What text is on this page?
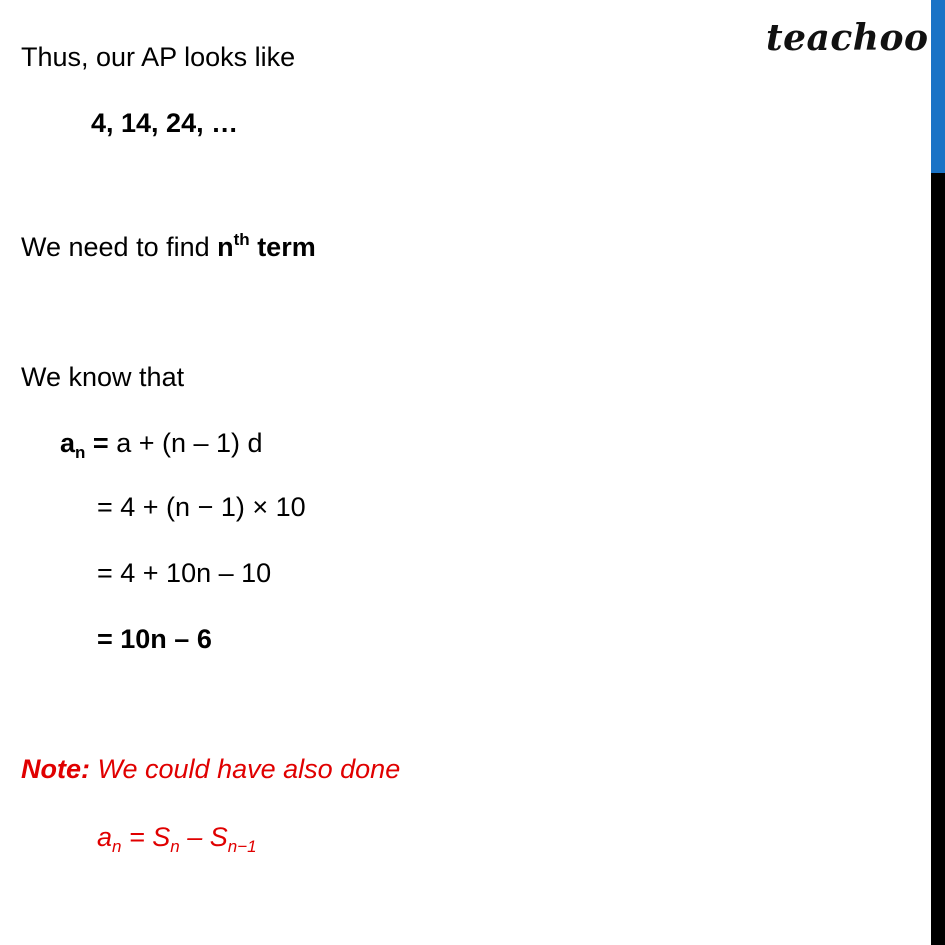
teachoo
Thus, our AP looks like
4, 14, 24, …
We need to find $n^{th}$ term
We know that
$a_n = a + (n - 1)$ d
= 4 + (n − 1) × 10
= 4 + 10n – 10
= 10n – 6
Note: We could have also done
$a_n = S_n - S_{n-1}$
